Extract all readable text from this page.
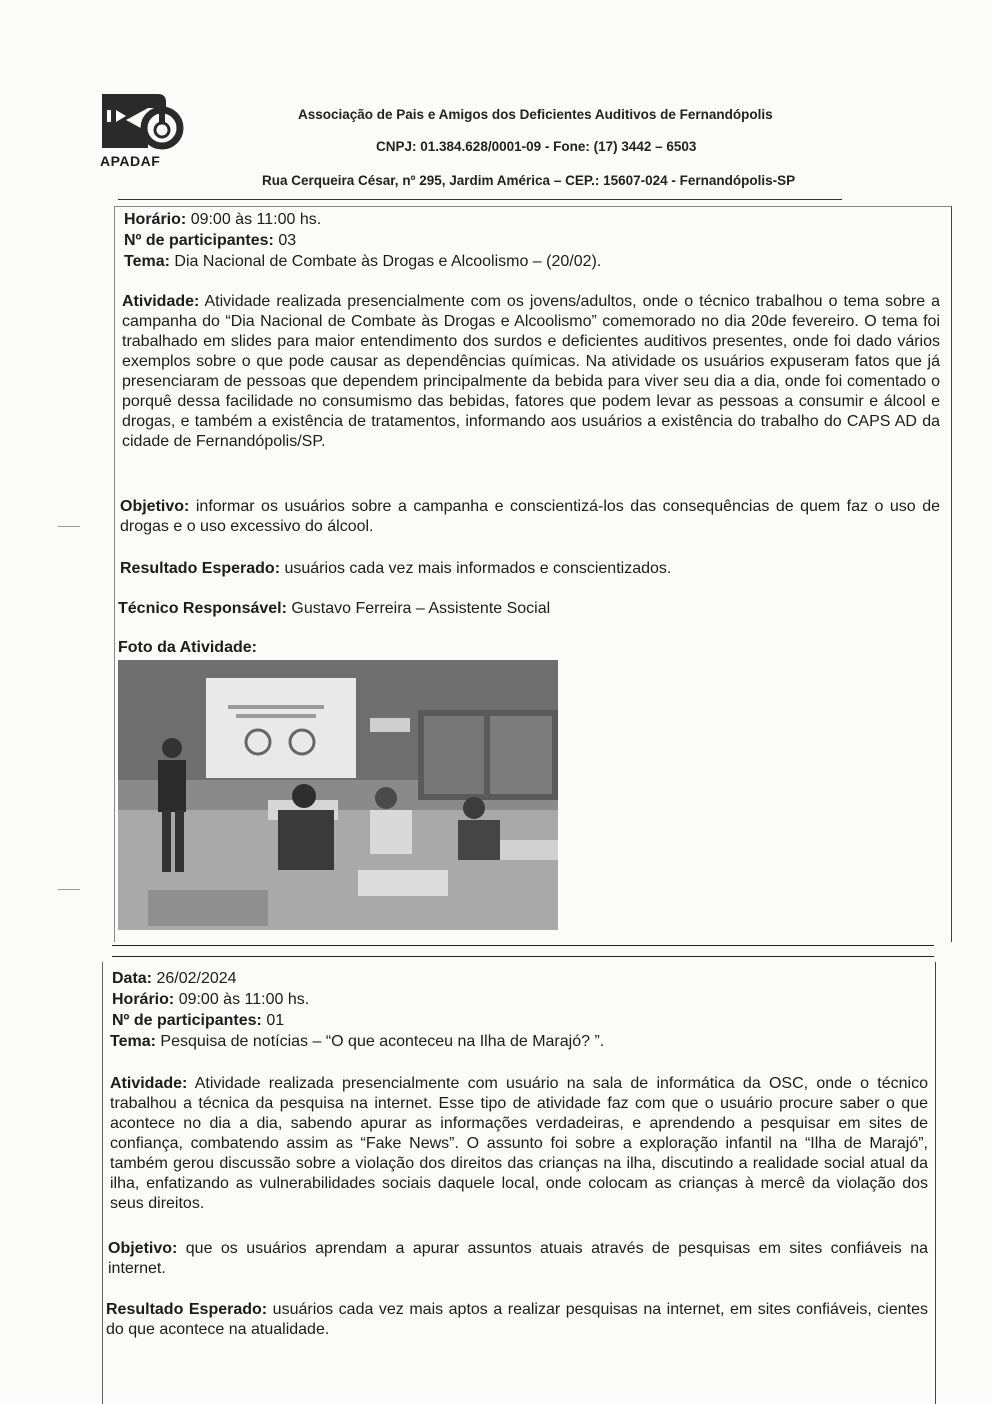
APADAF
Associação de Pais e Amigos dos Deficientes Auditivos de Fernandópolis
CNPJ: 01.384.628/0001-09 - Fone: (17) 3442 – 6503
Rua Cerqueira César, nº 295, Jardim América – CEP.: 15607-024 - Fernandópolis-SP
Horário: 09:00 às 11:00 hs.
Nº de participantes: 03
Tema: Dia Nacional de Combate às Drogas e Alcoolismo – (20/02).

Atividade: Atividade realizada presencialmente com os jovens/adultos, onde o técnico trabalhou o tema sobre a campanha do “Dia Nacional de Combate às Drogas e Alcoolismo” comemorado no dia 20de fevereiro. O tema foi trabalhado em slides para maior entendimento dos surdos e deficientes auditivos presentes, onde foi dado vários exemplos sobre o que pode causar as dependências químicas. Na atividade os usuários expuseram fatos que já presenciaram de pessoas que dependem principalmente da bebida para viver seu dia a dia, onde foi comentado o porquê dessa facilidade no consumismo das bebidas, fatores que podem levar as pessoas a consumir e álcool e drogas, e também a existência de tratamentos, informando aos usuários a existência do trabalho do CAPS AD da cidade de Fernandópolis/SP.

Objetivo: informar os usuários sobre a campanha e conscientizá-los das consequências de quem faz o uso de drogas e o uso excessivo do álcool.

Resultado Esperado: usuários cada vez mais informados e conscientizados.
Técnico Responsável: Gustavo Ferreira – Assistente Social
Foto da Atividade:
Data: 26/02/2024
Horário: 09:00 às 11:00 hs.
Nº de participantes: 01
Tema: Pesquisa de notícias – “O que aconteceu na Ilha de Marajó? ”.

Atividade: Atividade realizada presencialmente com usuário na sala de informática da OSC, onde o técnico trabalhou a técnica da pesquisa na internet. Esse tipo de atividade faz com que o usuário procure saber o que acontece no dia a dia, sabendo apurar as informações verdadeiras, e aprendendo a pesquisar em sites de confiança, combatendo assim as “Fake News”. O assunto foi sobre a exploração infantil na “Ilha de Marajó”, também gerou discussão sobre a violação dos direitos das crianças na ilha, discutindo a realidade social atual da ilha, enfatizando as vulnerabilidades sociais daquele local, onde colocam as crianças à mercê da violação dos seus direitos.

Objetivo: que os usuários aprendam a apurar assuntos atuais através de pesquisas em sites confiáveis na internet.

Resultado Esperado: usuários cada vez mais aptos a realizar pesquisas na internet, em sites confiáveis, cientes do que acontece na atualidade.
